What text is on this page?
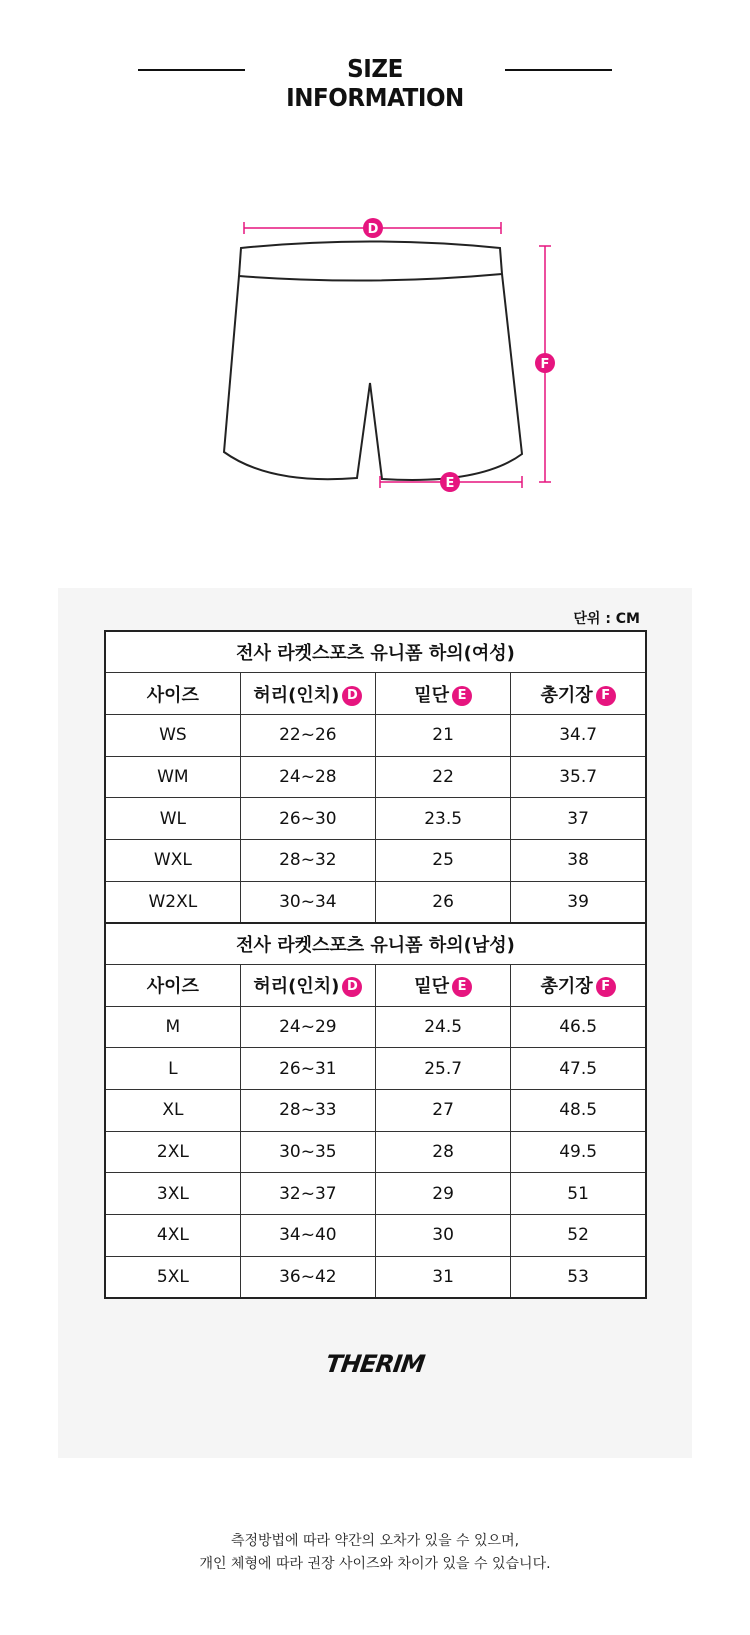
SIZE INFORMATION
D
F
E
단위 : CM
전사 라켓스포츠 유니폼 하의(여성)			
사이즈	허리(인치) D	밑단 E	총기장 F
WS	22~26	21	34.7
WM	24~28	22	35.7
WL	26~30	23.5	37
WXL	28~32	25	38
W2XL	30~34	26	39
전사 라켓스포츠 유니폼 하의(남성)			
사이즈	허리(인치) D	밑단 E	총기장 F
M	24~29	24.5	46.5
L	26~31	25.7	47.5
XL	28~33	27	48.5
2XL	30~35	28	49.5
3XL	32~37	29	51
4XL	34~40	30	52
5XL	36~42	31	53
THERIM
측정방법에 따라 약간의 오차가 있을 수 있으며,
개인 체형에 따라 권장 사이즈와 차이가 있을 수 있습니다.
